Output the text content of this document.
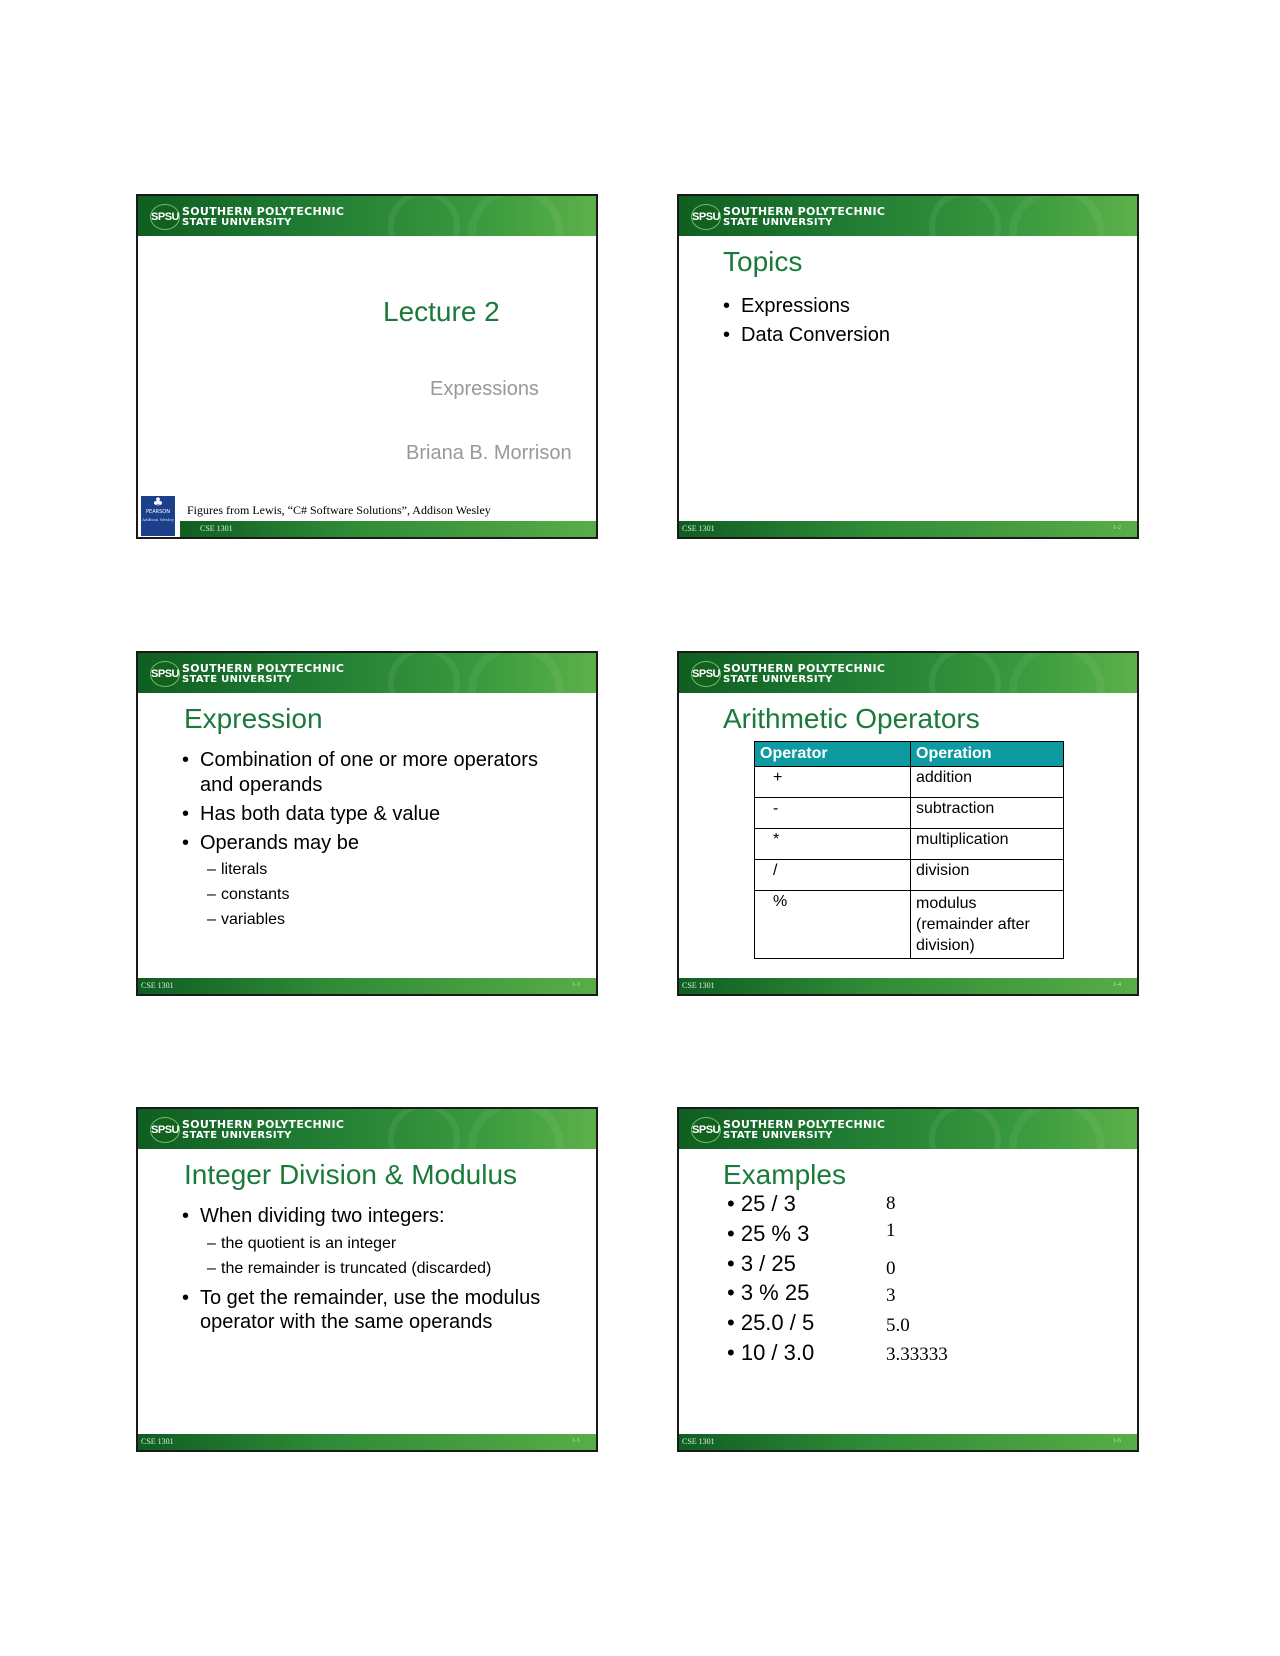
SPSU SOUTHERN POLYTECHNIC
STATE UNIVERSITY
Lecture 2
Expressions
Briana B. Morrison
♣
PEARSON
Addison Wesley
Figures from Lewis, “C# Software Solutions”, Addison Wesley
CSE 1301
SPSU SOUTHERN POLYTECHNIC
STATE UNIVERSITY
Topics
• Expressions
• Data Conversion
CSE 1301	1-2
SPSU SOUTHERN POLYTECHNIC
STATE UNIVERSITY
Expression
• Combination of one or more operators and operands
• Has both data type & value
• Operands may be
– literals
– constants
– variables
CSE 1301	1-3
SPSU SOUTHERN POLYTECHNIC
STATE UNIVERSITY
Arithmetic Operators
Operator	Operation
+	addition
-	subtraction
*	multiplication
/	division
%	modulus (remainder after division)
CSE 1301	1-4
SPSU SOUTHERN POLYTECHNIC
STATE UNIVERSITY
Integer Division & Modulus
• When dividing two integers:
– the quotient is an integer
– the remainder is truncated (discarded)
• To get the remainder, use the modulus operator with the same operands
CSE 1301	1-5
SPSU SOUTHERN POLYTECHNIC
STATE UNIVERSITY
Examples
• 25 / 3	8
• 25 % 3	1
• 3 / 25	0
• 3 % 25	3
• 25.0 / 5	5.0
• 10 / 3.0	3.33333
CSE 1301	1-6
